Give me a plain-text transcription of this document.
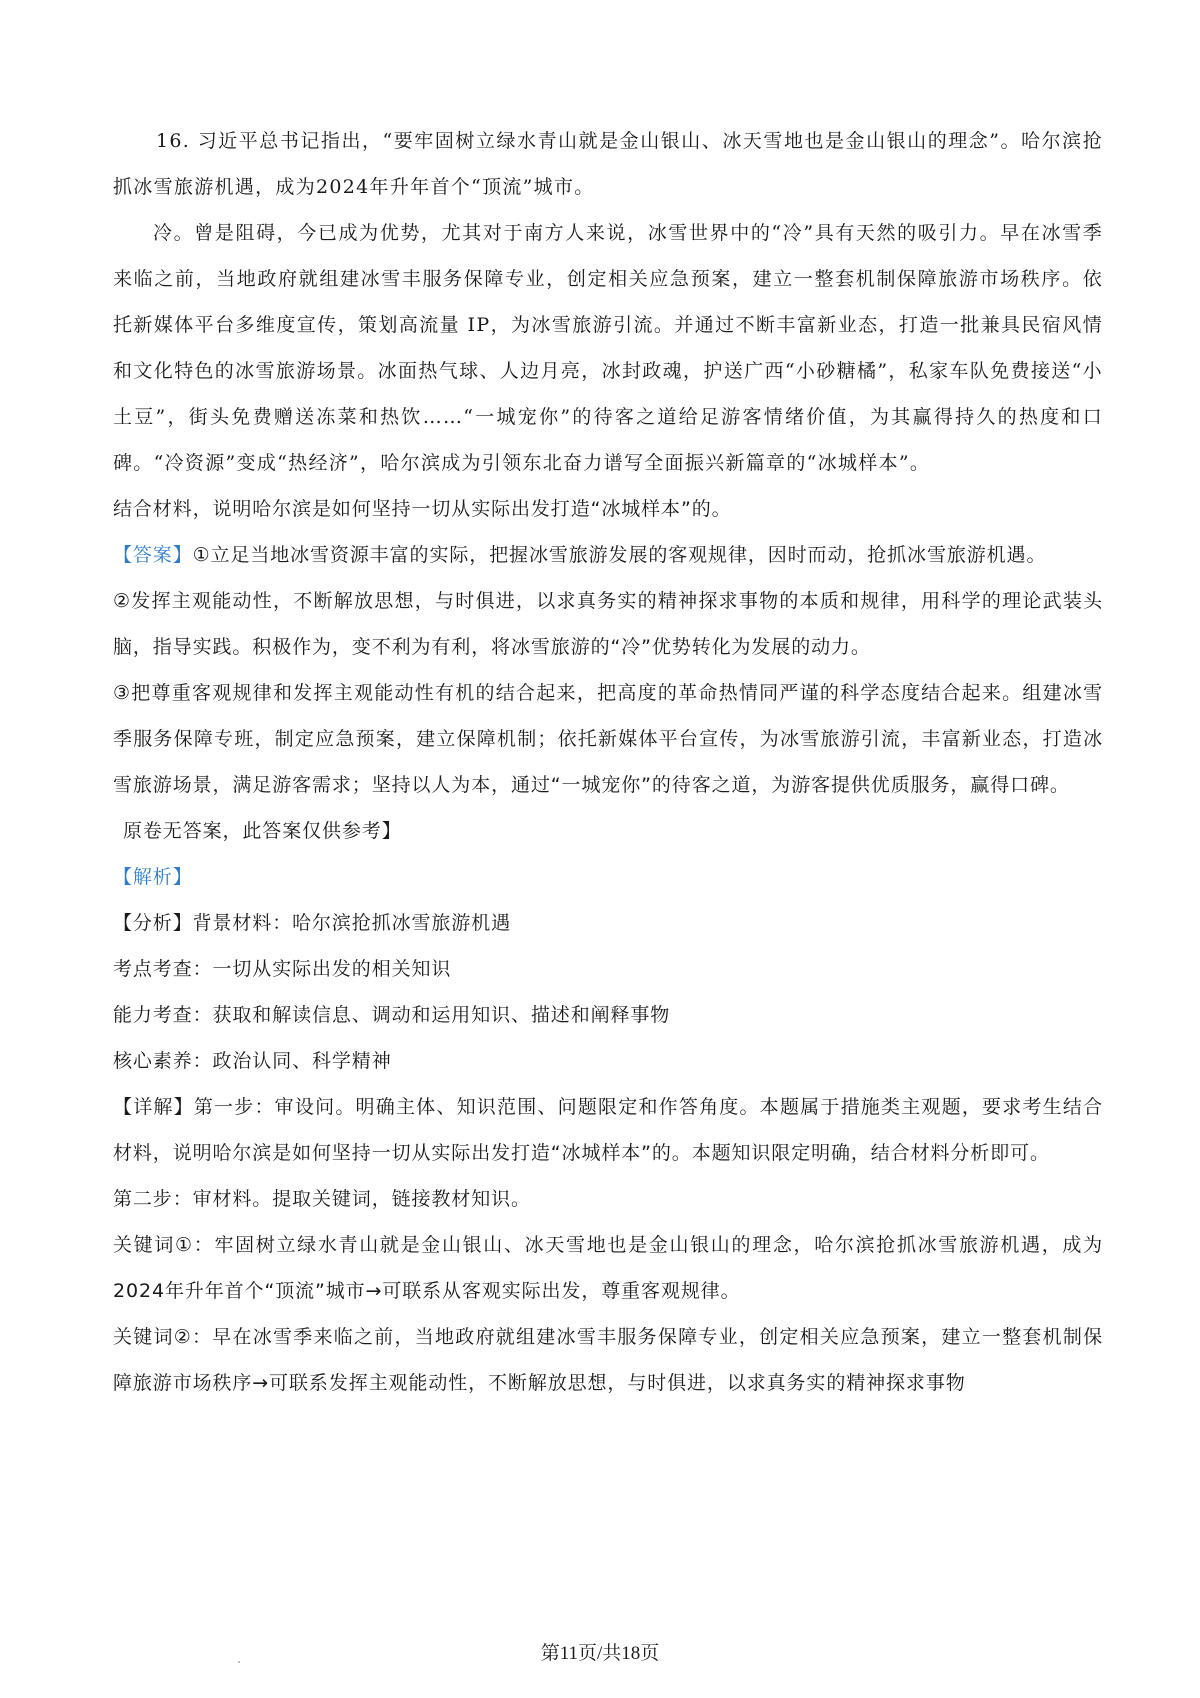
16. 习近平总书记指出，“要牢固树立绿水青山就是金山银山、冰天雪地也是金山银山的理念”。哈尔滨抢抓冰雪旅游机遇，成为2024年升年首个“顶流”城市。

冷。曾是阻碍，今已成为优势，尤其对于南方人来说，冰雪世界中的“冷”具有天然的吸引力。早在冰雪季来临之前，当地政府就组建冰雪丰服务保障专业，创定相关应急预案，建立一整套机制保障旅游市场秩序。依托新媒体平台多维度宣传，策划高流量 IP，为冰雪旅游引流。并通过不断丰富新业态，打造一批兼具民宿风情和文化特色的冰雪旅游场景。冰面热气球、人边月亮，冰封政魂，护送广西“小砂糖橘”，私家车队免费接送“小土豆”，街头免费赠送冻菜和热饮……“一城宠你”的待客之道给足游客情绪价值，为其赢得持久的热度和口碑。“冷资源”变成“热经济”，哈尔滨成为引领东北奋力谱写全面振兴新篇章的“冰城样本”。

结合材料，说明哈尔滨是如何坚持一切从实际出发打造“冰城样本”的。

【答案】①立足当地冰雪资源丰富的实际，把握冰雪旅游发展的客观规律，因时而动，抢抓冰雪旅游机遇。

②发挥主观能动性，不断解放思想，与时俱进，以求真务实的精神探求事物的本质和规律，用科学的理论武装头脑，指导实践。积极作为，变不利为有利，将冰雪旅游的“冷”优势转化为发展的动力。

③把尊重客观规律和发挥主观能动性有机的结合起来，把高度的革命热情同严谨的科学态度结合起来。组建冰雪季服务保障专班，制定应急预案，建立保障机制；依托新媒体平台宣传，为冰雪旅游引流，丰富新业态，打造冰雪旅游场景，满足游客需求；坚持以人为本，通过“一城宠你”的待客之道，为游客提供优质服务，赢得口碑。

原卷无答案，此答案仅供参考】

【解析】

【分析】背景材料：哈尔滨抢抓冰雪旅游机遇

考点考查：一切从实际出发的相关知识

能力考查：获取和解读信息、调动和运用知识、描述和阐释事物

核心素养：政治认同、科学精神

【详解】第一步：审设问。明确主体、知识范围、问题限定和作答角度。本题属于措施类主观题，要求考生结合材料，说明哈尔滨是如何坚持一切从实际出发打造“冰城样本”的。本题知识限定明确，结合材料分析即可。

第二步：审材料。提取关键词，链接教材知识。

关键词①：牢固树立绿水青山就是金山银山、冰天雪地也是金山银山的理念，哈尔滨抢抓冰雪旅游机遇，成为2024年升年首个“顶流”城市→可联系从客观实际出发，尊重客观规律。

关键词②：早在冰雪季来临之前，当地政府就组建冰雪丰服务保障专业，创定相关应急预案，建立一整套机制保障旅游市场秩序→可联系发挥主观能动性，不断解放思想，与时俱进，以求真务实的精神探求事物

第11页/共18页
